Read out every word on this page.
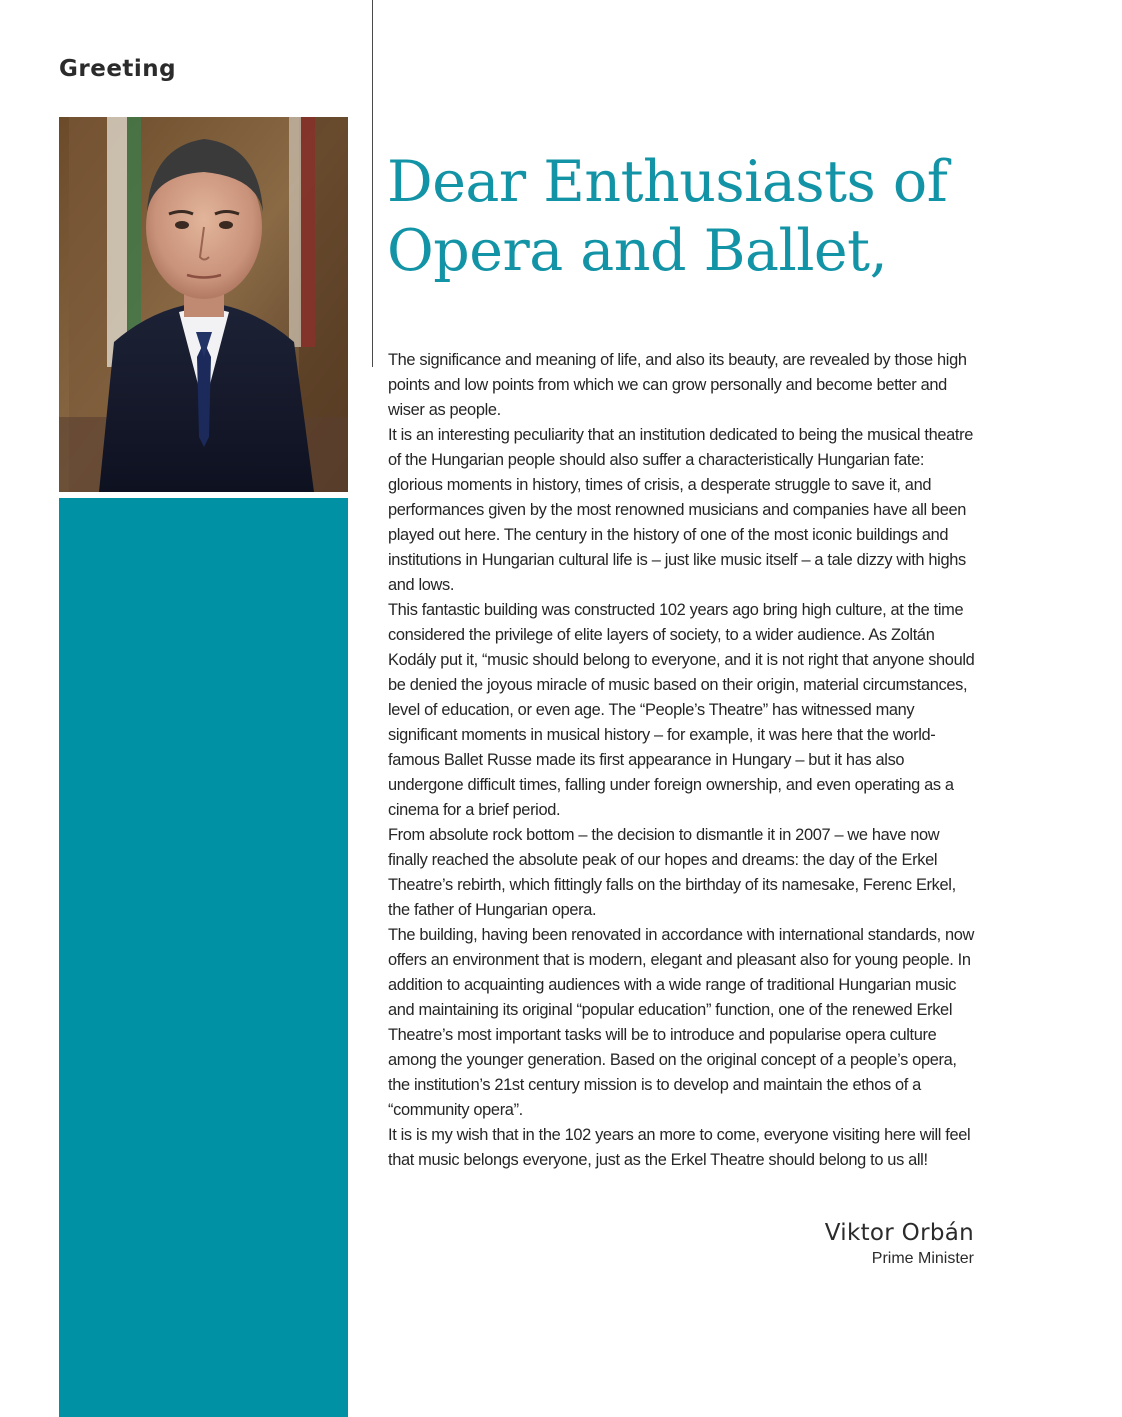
Greeting
Dear Enthusiasts of
Opera and Ballet,

The significance and meaning of life, and also its beauty, are revealed by those high points and low points from which we can grow personally and become better and wiser as people.

It is an interesting peculiarity that an institution dedicated to being the musical theatre of the Hungarian people should also suffer a characteristically Hungarian fate: glorious moments in history, times of crisis, a desperate struggle to save it, and performances given by the most renowned musicians and companies have all been played out here. The century in the history of one of the most iconic buildings and institutions in Hungarian cultural life is – just like music itself – a tale dizzy with highs and lows.

This fantastic building was constructed 102 years ago bring high culture, at the time considered the privilege of elite layers of society, to a wider audience. As Zoltán Kodály put it, “music should belong to everyone, and it is not right that anyone should be denied the joyous miracle of music based on their origin, material circumstances, level of education, or even age. The “People’s Theatre” has witnessed many significant moments in musical history – for example, it was here that the world-famous Ballet Russe made its first appearance in Hungary – but it has also undergone difficult times, falling under foreign ownership, and even operating as a cinema for a brief period.

From absolute rock bottom – the decision to dismantle it in 2007 – we have now finally reached the absolute peak of our hopes and dreams: the day of the Erkel Theatre’s rebirth, which fittingly falls on the birthday of its namesake, Ferenc Erkel, the father of Hungarian opera.

The building, having been renovated in accordance with international standards, now offers an environment that is modern, elegant and pleasant also for young people. In addition to acquainting audiences with a wide range of traditional Hungarian music and maintaining its original “popular education” function, one of the renewed Erkel Theatre’s most important tasks will be to introduce and popularise opera culture among the younger generation. Based on the original concept of a people’s opera, the institution’s 21st century mission is to develop and maintain the ethos of a “community opera”.

It is is my wish that in the 102 years an more to come, everyone visiting here will feel that music belongs everyone, just as the Erkel Theatre should belong to us all!

Viktor Orbán
Prime Minister
